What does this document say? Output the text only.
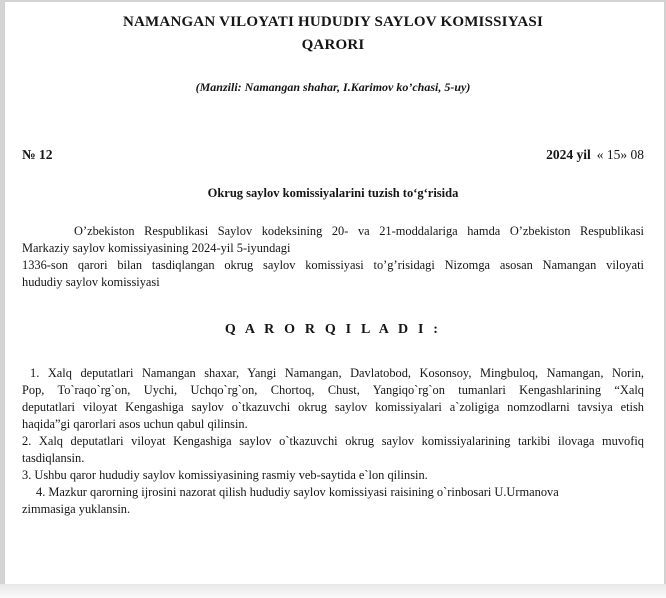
NAMANGAN VILOYATI HUDUDIY SAYLOV KOMISSIYASI
QARORI
(Manzili: Namangan shahar, I.Karimov ko’chasi, 5-uy)
№ 12	2024 yil « 15» 08
Okrug saylov komissiyalarini tuzish to‘g‘risida
O’zbekiston Respublikasi Saylov kodeksining 20- va 21-moddalariga hamda O’zbekiston Respublikasi
Markaziy saylov komissiyasining 2024-yil 5-iyundagi
1336-son qarori bilan tasdiqlangan okrug saylov komissiyasi to’g’risidagi Nizomga asosan Namangan viloyati
hududiy saylov komissiyasi
Q A R O R Q I L A D I :
1. Xalq deputatlari Namangan shaxar, Yangi Namangan, Davlatobod, Kosonsoy, Mingbuloq, Namangan, Norin,
Pop, To`raqo`rg`on, Uychi, Uchqo`rg`on, Chortoq, Chust, Yangiqo`rg`on tumanlari Kengashlarining “Xalq
deputatlari viloyat Kengashiga saylov o`tkazuvchi okrug saylov komissiyalari a`zoligiga nomzodlarni tavsiya etish
haqida”gi qarorlari asos uchun qabul qilinsin.
2. Xalq deputatlari viloyat Kengashiga saylov o`tkazuvchi okrug saylov komissiyalarining tarkibi ilovaga muvofiq
tasdiqlansin.
3. Ushbu qaror hududiy saylov komissiyasining rasmiy veb-saytida e`lon qilinsin.
4. Mazkur qarorning ijrosini nazorat qilish hududiy saylov komissiyasi raisining o`rinbosari U.Urmanova
zimmasiga yuklansin.
